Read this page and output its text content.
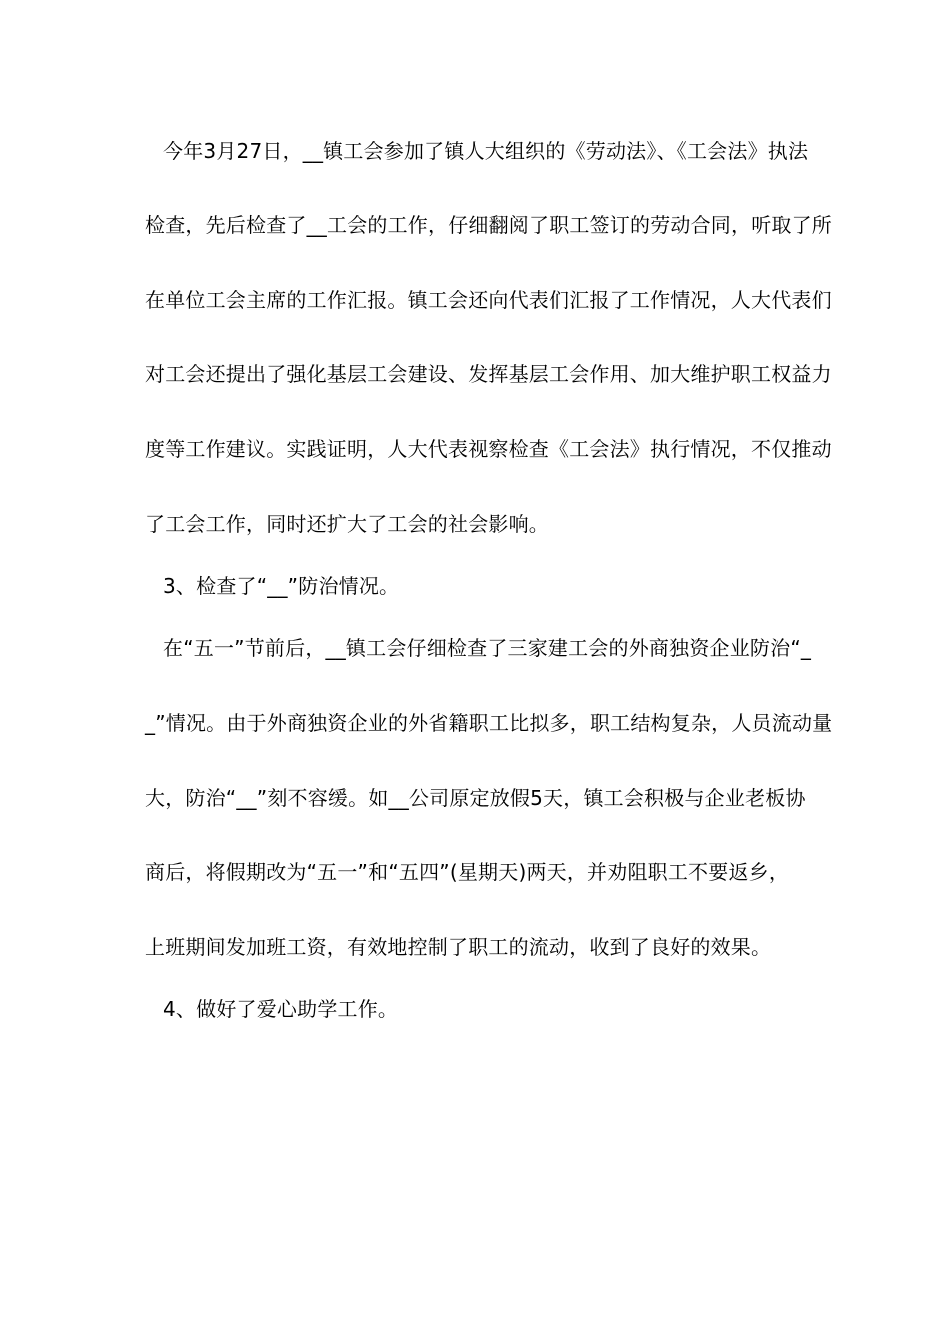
今年3月27日，__镇工会参加了镇人大组织的《劳动法》、《工会法》执法
检查，先后检查了__工会的工作，仔细翻阅了职工签订的劳动合同，听取了所
在单位工会主席的工作汇报。镇工会还向代表们汇报了工作情况，人大代表们
对工会还提出了强化基层工会建设、发挥基层工会作用、加大维护职工权益力
度等工作建议。实践证明，人大代表视察检查《工会法》执行情况，不仅推动
了工会工作，同时还扩大了工会的社会影响。
3、检查了“__”防治情况。
在“五一”节前后，__镇工会仔细检查了三家建工会的外商独资企业防治“_
_”情况。由于外商独资企业的外省籍职工比拟多，职工结构复杂，人员流动量
大，防治“__”刻不容缓。如__公司原定放假5天，镇工会积极与企业老板协
商后，将假期改为“五一”和“五四”(星期天)两天，并劝阻职工不要返乡，
上班期间发加班工资，有效地控制了职工的流动，收到了良好的效果。
4、做好了爱心助学工作。
